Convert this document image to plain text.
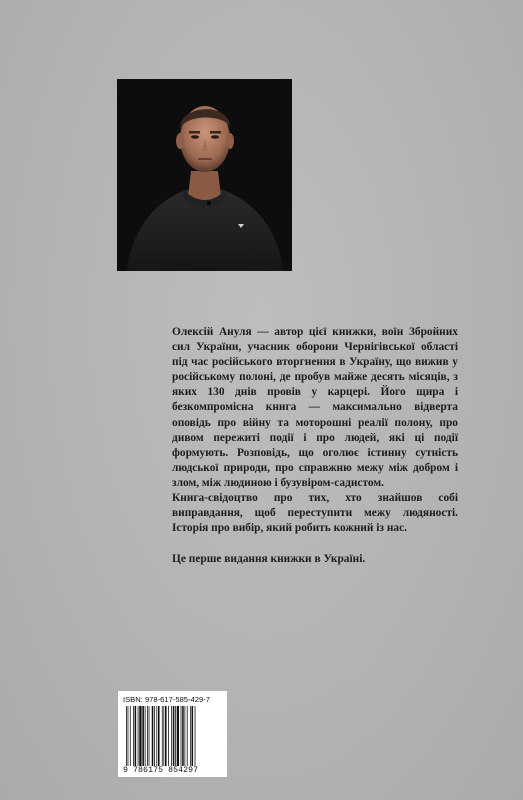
Олексій Ануля — автор цієї книжки, воїн Збройних сил України, учасник оборони Чернігівської області під час російського вторгнення в Україну, що вижив у російському полоні, де пробув майже десять місяців, з яких 130 днів провів у карцері. Його щира і безкомпромісна книга — максимально відверта оповідь про війну та моторошні реалії полону, про дивом пережиті події і про людей, які ці події формують. Розповідь, що оголює істинну сутність людської природи, про справжню межу між добром і злом, між людиною і бузувіром-садистом.

Книга-свідоцтво про тих, хто знайшов собі виправдання, щоб переступити межу людяності. Історія про вибір, який робить кожний із нас.

Це перше видання книжки в Україні.

ISBN: 978-617-585-429-7
9 786175 854297
